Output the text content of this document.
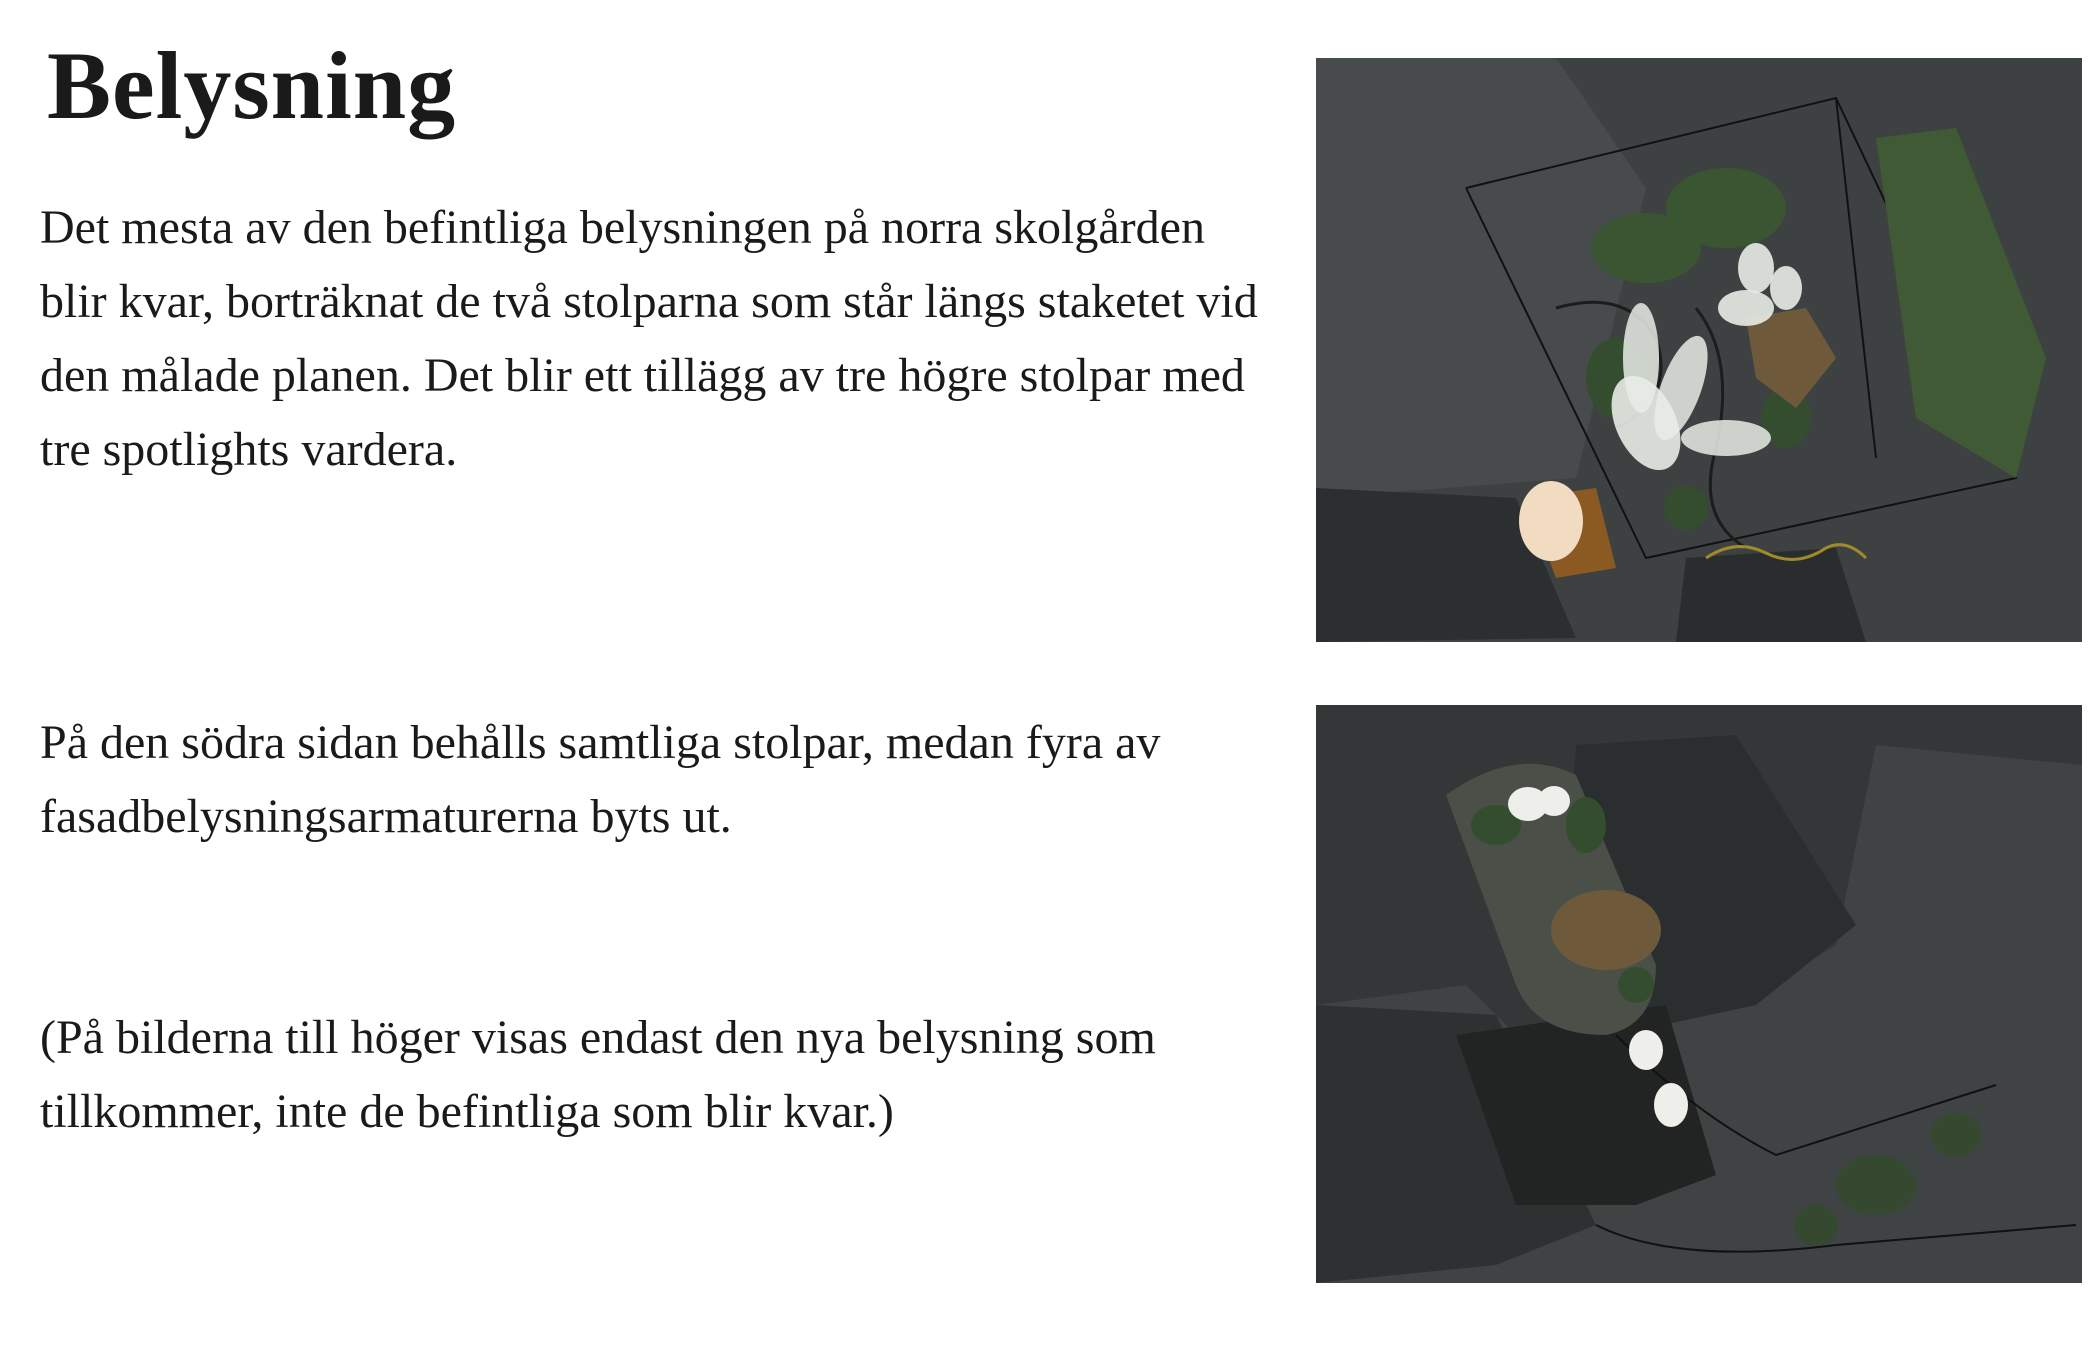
Belysning

Det mesta av den befintliga belysningen på norra skolgården blir kvar, borträknat de två stolparna som står längs staketet vid den målade planen. Det blir ett tillägg av tre högre stolpar med tre spotlights vardera.

På den södra sidan behålls samtliga stolpar, medan fyra av fasadbelysningsarmaturerna byts ut.

(På bilderna till höger visas endast den nya belysning som tillkommer, inte de befintliga som blir kvar.)
